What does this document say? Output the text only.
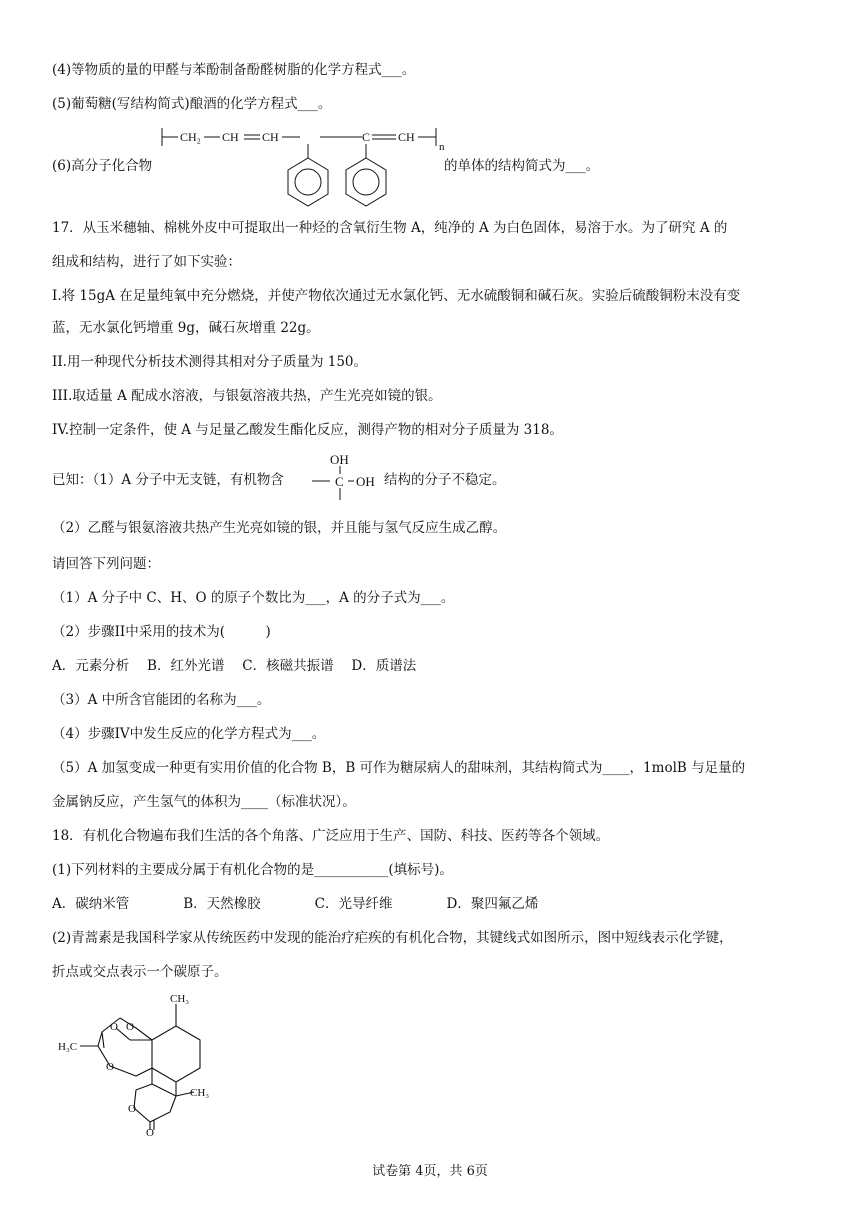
(4)等物质的量的甲醛与苯酚制备酚醛树脂的化学方程式___。
(5)葡萄糖(写结构简式)酿酒的化学方程式___。
CH₂ CH CH	C CH
n
(6)高分子化合物	的单体的结构简式为___。
17．从玉米穗轴、棉桃外皮中可提取出一种烃的含氧衍生物 A，纯净的 A 为白色固体，易溶于水。为了研究 A 的
组成和结构，进行了如下实验：
I.将 15gA 在足量纯氧中充分燃烧，并使产物依次通过无水氯化钙、无水硫酸铜和碱石灰。实验后硫酸铜粉末没有变
蓝，无水氯化钙增重 9g，碱石灰增重 22g。
II.用一种现代分析技术测得其相对分子质量为 150。
III.取适量 A 配成水溶液，与银氨溶液共热，产生光亮如镜的银。
IV.控制一定条件，使 A 与足量乙酸发生酯化反应，测得产物的相对分子质量为 318。
已知：（1）A 分子中无支链，有机物含
OH
C OH 结构的分子不稳定。
（2）乙醛与银氨溶液共热产生光亮如镜的银，并且能与氢气反应生成乙醇。
请回答下列问题：
（1）A 分子中 C、H、O 的原子个数比为___，A 的分子式为___。
（2）步骤II中采用的技术为(　　　)
A．元素分析　 B．红外光谱　 C．核磁共振谱　 D．质谱法
（3）A 中所含官能团的名称为___。
（4）步骤IV中发生反应的化学方程式为___。
（5）A 加氢变成一种更有实用价值的化合物 B，B 可作为糖尿病人的甜味剂，其结构简式为____，1molB 与足量的
金属钠反应，产生氢气的体积为____（标准状况）。
18．有机化合物遍布我们生活的各个角落、广泛应用于生产、国防、科技、医药等各个领域。
(1)下列材料的主要成分属于有机化合物的是___________(填标号)。
A．碳纳米管　　　　B．天然橡胶　　　　C．光导纤维　　　　D．聚四氟乙烯
(2)青蒿素是我国科学家从传统医药中发现的能治疗疟疾的有机化合物，其键线式如图所示，图中短线表示化学键，
折点或交点表示一个碳原子。
CH₃
H₃C
CH₃
O O
O
O
O
试卷第 4页，共 6页
